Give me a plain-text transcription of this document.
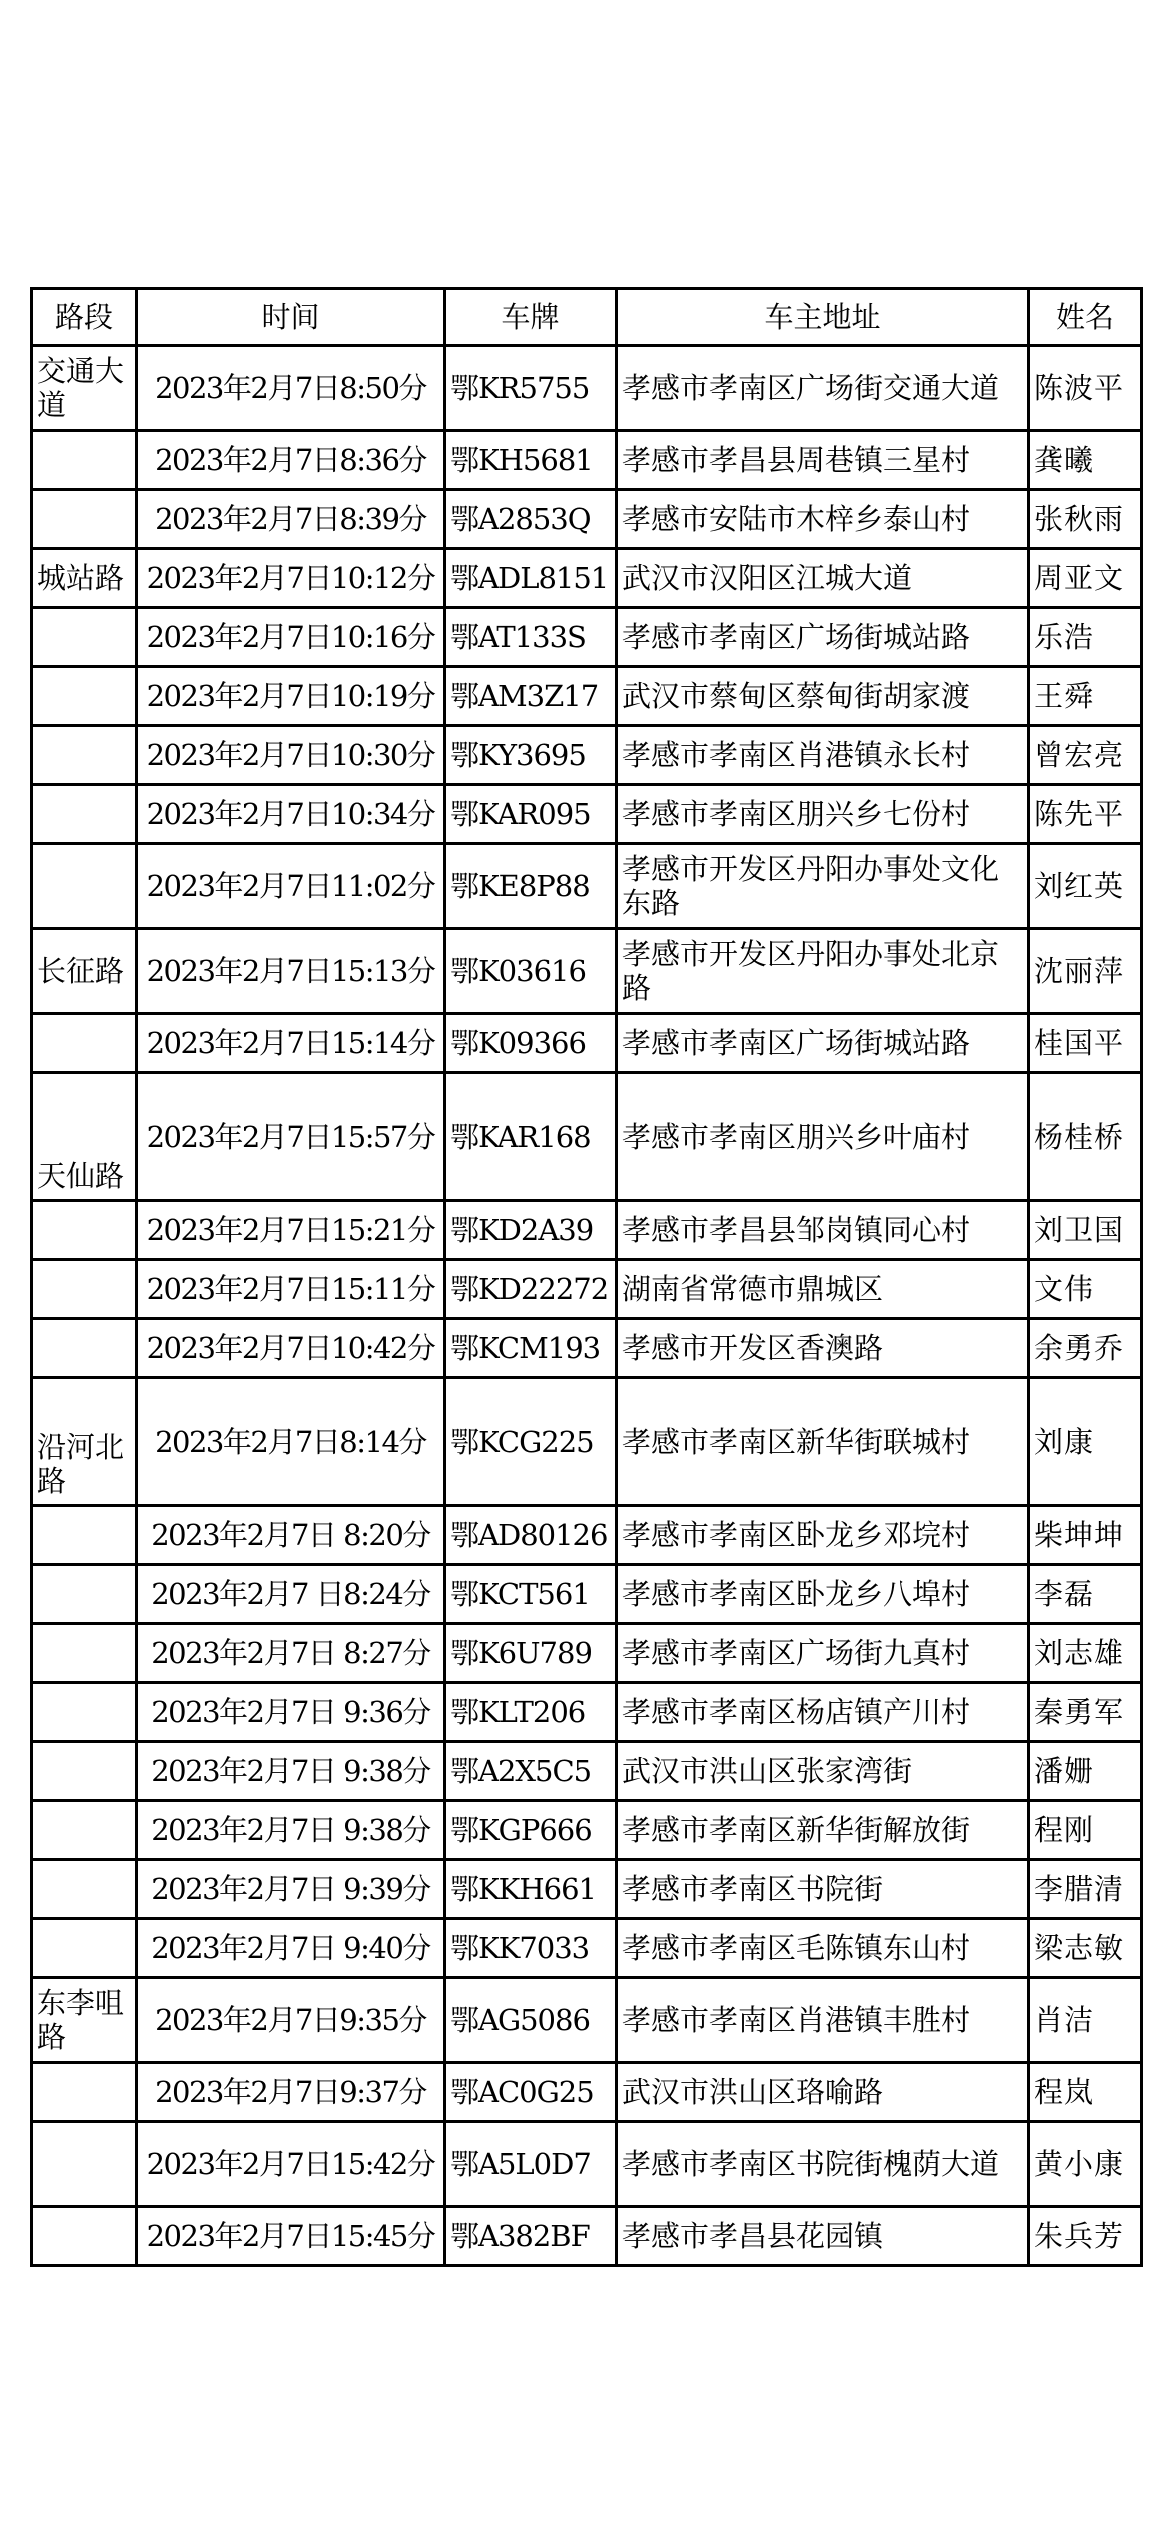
路段	时间	车牌	车主地址	姓名
交通大道	2023年2月7日8:50分	鄂KR5755	孝感市孝南区广场街交通大道	陈波平
	2023年2月7日8:36分	鄂KH5681	孝感市孝昌县周巷镇三星村	龚曦
	2023年2月7日8:39分	鄂A2853Q	孝感市安陆市木梓乡泰山村	张秋雨
城站路	2023年2月7日10:12分	鄂ADL8151	武汉市汉阳区江城大道	周亚文
	2023年2月7日10:16分	鄂AT133S	孝感市孝南区广场街城站路	乐浩
	2023年2月7日10:19分	鄂AM3Z17	武汉市蔡甸区蔡甸街胡家渡	王舜
	2023年2月7日10:30分	鄂KY3695	孝感市孝南区肖港镇永长村	曾宏亮
	2023年2月7日10:34分	鄂KAR095	孝感市孝南区朋兴乡七份村	陈先平
	2023年2月7日11:02分	鄂KE8P88	孝感市开发区丹阳办事处文化东路	刘红英
长征路	2023年2月7日15:13分	鄂K03616	孝感市开发区丹阳办事处北京路	沈丽萍
	2023年2月7日15:14分	鄂K09366	孝感市孝南区广场街城站路	桂国平
天仙路	2023年2月7日15:57分	鄂KAR168	孝感市孝南区朋兴乡叶庙村	杨桂桥
	2023年2月7日15:21分	鄂KD2A39	孝感市孝昌县邹岗镇同心村	刘卫国
	2023年2月7日15:11分	鄂KD22272	湖南省常德市鼎城区	文伟
	2023年2月7日10:42分	鄂KCM193	孝感市开发区香澳路	余勇乔
沿河北路	2023年2月7日8:14分	鄂KCG225	孝感市孝南区新华街联城村	刘康
	2023年2月7日 8:20分	鄂AD80126	孝感市孝南区卧龙乡邓垸村	柴坤坤
	2023年2月7 日8:24分	鄂KCT561	孝感市孝南区卧龙乡八埠村	李磊
	2023年2月7日 8:27分	鄂K6U789	孝感市孝南区广场街九真村	刘志雄
	2023年2月7日 9:36分	鄂KLT206	孝感市孝南区杨店镇产川村	秦勇军
	2023年2月7日 9:38分	鄂A2X5C5	武汉市洪山区张家湾街	潘姗
	2023年2月7日 9:38分	鄂KGP666	孝感市孝南区新华街解放街	程刚
	2023年2月7日 9:39分	鄂KKH661	孝感市孝南区书院街	李腊清
	2023年2月7日 9:40分	鄂KK7033	孝感市孝南区毛陈镇东山村	梁志敏
东李咀路	2023年2月7日9:35分	鄂AG5086	孝感市孝南区肖港镇丰胜村	肖洁
	2023年2月7日9:37分	鄂AC0G25	武汉市洪山区珞喻路	程岚
	2023年2月7日15:42分	鄂A5L0D7	孝感市孝南区书院街槐荫大道	黄小康
	2023年2月7日15:45分	鄂A382BF	孝感市孝昌县花园镇	朱兵芳
